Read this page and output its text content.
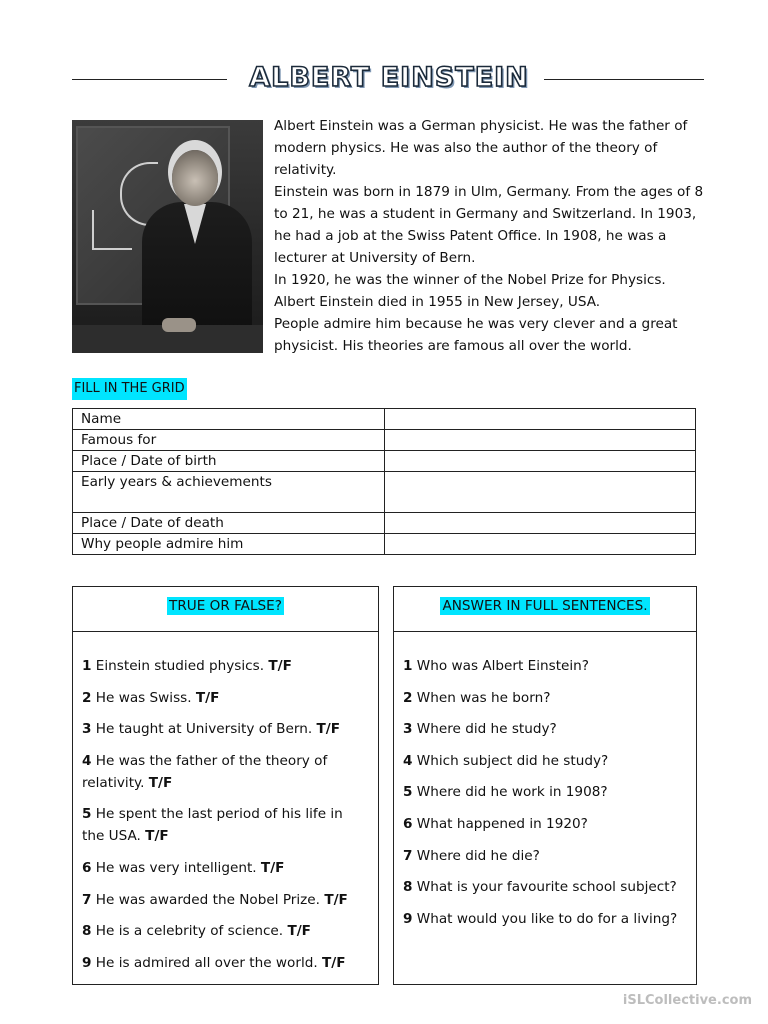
ALBERT EINSTEIN

Albert Einstein was a German physicist. He was the father of modern physics. He was also the author of the theory of relativity.

Einstein was born in 1879 in Ulm, Germany. From the ages of 8 to 21, he was a student in Germany and Switzerland. In 1903, he had a job at the Swiss Patent Office. In 1908, he was a lecturer at University of Bern.

In 1920, he was the winner of the Nobel Prize for Physics. Albert Einstein died in 1955 in New Jersey, USA.

People admire him because he was very clever and a great physicist. His theories are famous all over the world.

FILL IN THE GRID
Name	
Famous for	
Place / Date of birth	
Early years & achievements	
Place / Date of death	
Why people admire him	
TRUE OR FALSE?
1 Einstein studied physics. T/F
2 He was Swiss. T/F
3 He taught at University of Bern. T/F
4 He was the father of the theory of relativity. T/F
5 He spent the last period of his life in the USA. T/F
6 He was very intelligent. T/F
7 He was awarded the Nobel Prize. T/F
8 He is a celebrity of science. T/F
9 He is admired all over the world. T/F
ANSWER IN FULL SENTENCES.
1 Who was Albert Einstein?
2 When was he born?
3 Where did he study?
4 Which subject did he study?
5 Where did he work in 1908?
6 What happened in 1920?
7 Where did he die?
8 What is your favourite school subject?
9 What would you like to do for a living?
iSLCollective.com
